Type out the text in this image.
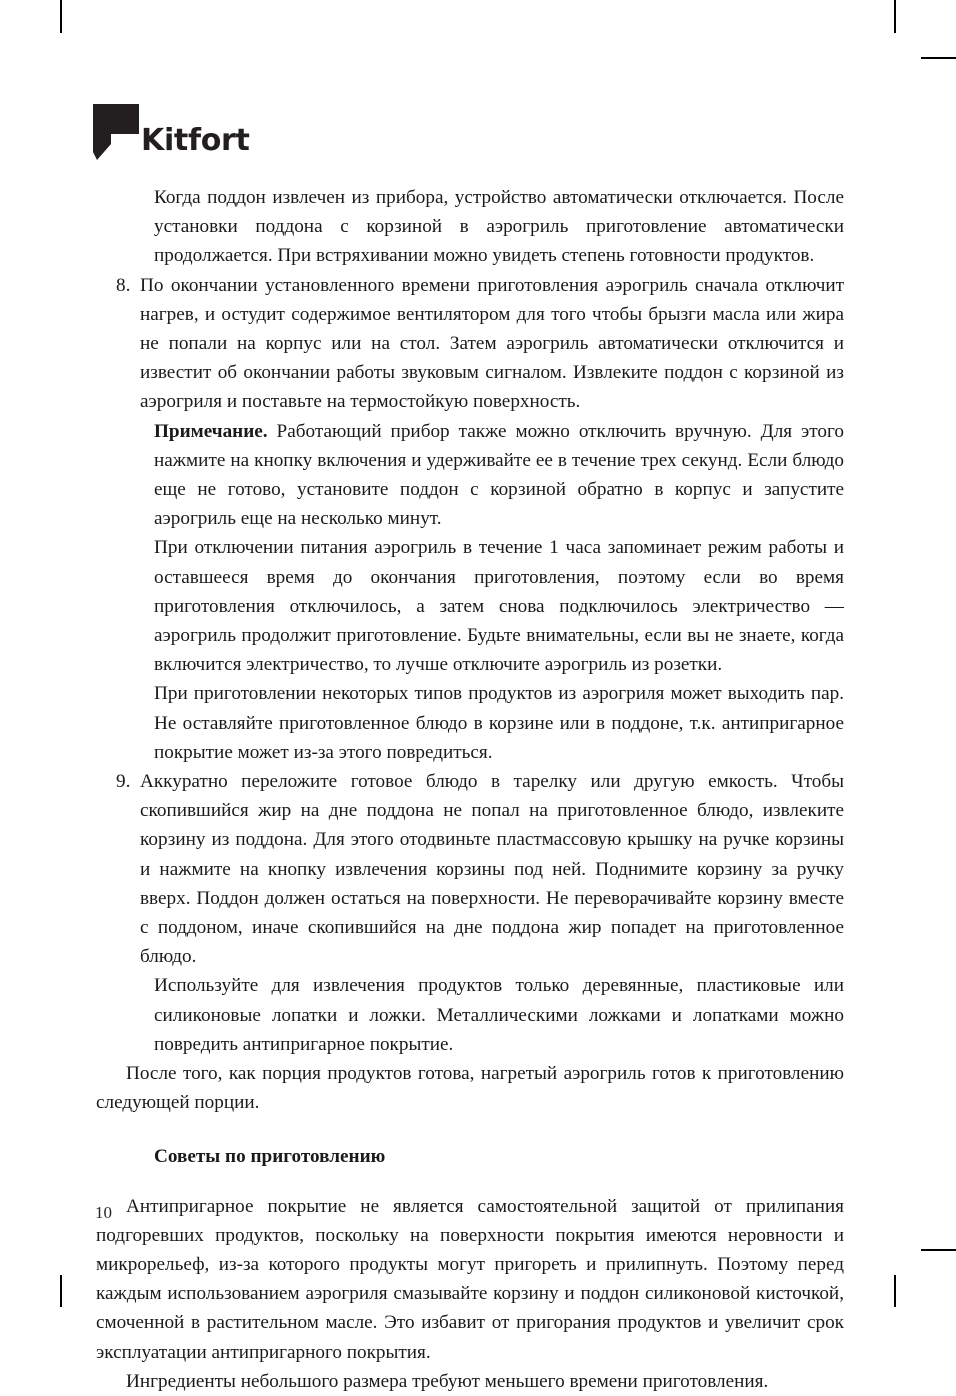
Kitfort

Когда поддон извлечен из прибора, устройство автоматически отключается. После установки поддона с корзиной в аэрогриль приготовление автоматически продолжается. При встряхивании можно увидеть степень готовности продуктов.

8. По окончании установленного времени приготовления аэрогриль сначала отключит нагрев, и остудит содержимое вентилятором для того чтобы брызги масла или жира не попали на корпус или на стол. Затем аэрогриль автоматически отключится и известит об окончании работы звуковым сигналом. Извлеките поддон с корзиной из аэрогриля и поставьте на термостойкую поверхность.

Примечание. Работающий прибор также можно отключить вручную. Для этого нажмите на кнопку включения и удерживайте ее в течение трех секунд. Если блюдо еще не готово, установите поддон с корзиной обратно в корпус и запустите аэрогриль еще на несколько минут.

При отключении питания аэрогриль в течение 1 часа запоминает режим работы и оставшееся время до окончания приготовления, поэтому если во время приготовления отключилось, а затем снова подключилось электричество — аэрогриль продолжит приготовление. Будьте внимательны, если вы не знаете, когда включится электричество, то лучше отключите аэрогриль из розетки.

При приготовлении некоторых типов продуктов из аэрогриля может выходить пар. Не оставляйте приготовленное блюдо в корзине или в поддоне, т.к. антипригарное покрытие может из-за этого повредиться.

9. Аккуратно переложите готовое блюдо в тарелку или другую емкость. Чтобы скопившийся жир на дне поддона не попал на приготовленное блюдо, извлеките корзину из поддона. Для этого отодвиньте пластмассовую крышку на ручке корзины и нажмите на кнопку извлечения корзины под ней. Поднимите корзину за ручку вверх. Поддон должен остаться на поверхности. Не переворачивайте корзину вместе с поддоном, иначе скопившийся на дне поддона жир попадет на приготовленное блюдо.

Используйте для извлечения продуктов только деревянные, пластиковые или силиконовые лопатки и ложки. Металлическими ложками и лопатками можно повредить антипригарное покрытие.

После того, как порция продуктов готова, нагретый аэрогриль готов к приготовлению следующей порции.

Советы по приготовлению

Антипригарное покрытие не является самостоятельной защитой от прилипания подгоревших продуктов, поскольку на поверхности покрытия имеются неровности и микрорельеф, из-за которого продукты могут пригореть и прилипнуть. Поэтому перед каждым использованием аэрогриля смазывайте корзину и поддон силиконовой кисточкой, смоченной в растительном масле. Это избавит от пригорания продуктов и увеличит срок эксплуатации антипригарного покрытия.

Ингредиенты небольшого размера требуют меньшего времени приготовления.

10
